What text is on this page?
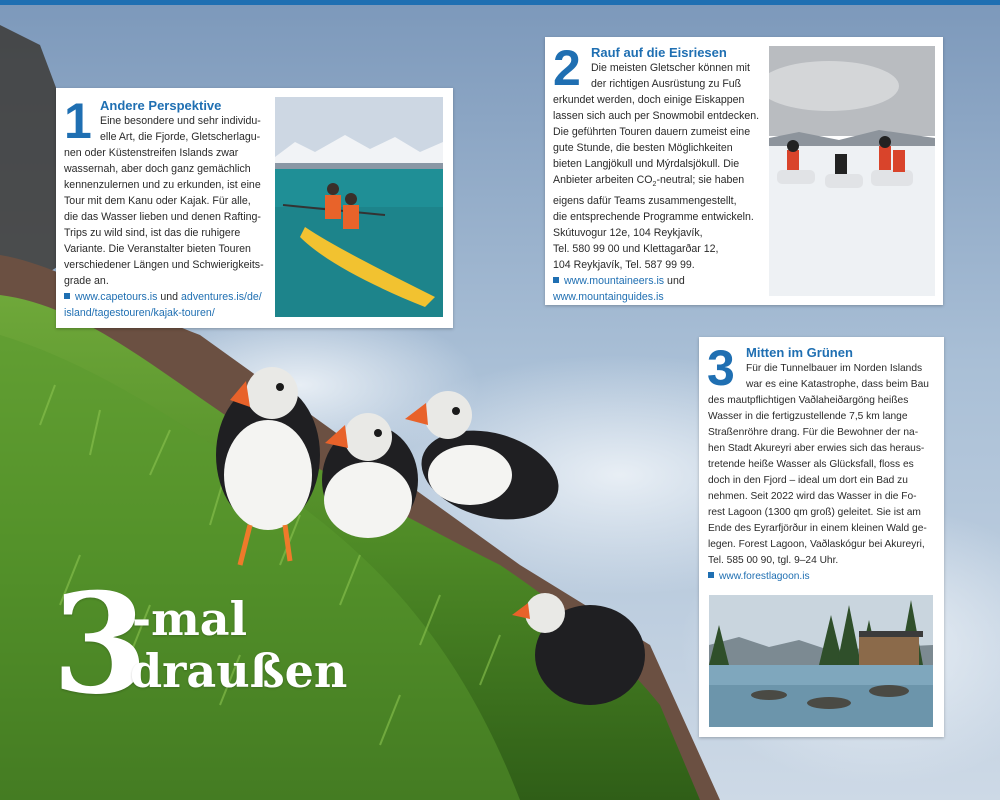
3
-mal
draußen
1 Andere Perspektive
Eine besondere und sehr individu-
elle Art, die Fjorde, Gletscherlagu-
nen oder Küstenstreifen Islands zwar
wassernah, aber doch ganz gemächlich
kennenzulernen und zu erkunden, ist eine
Tour mit dem Kanu oder Kajak. Für alle,
die das Wasser lieben und denen Rafting-
Trips zu wild sind, ist das die ruhigere
Variante. Die Veranstalter bieten Touren
verschiedener Längen und Schwierigkeits-
grade an.
www.capetours.is und adventures.is/de/
island/tagestouren/kajak-touren/
2 Rauf auf die Eisriesen
Die meisten Gletscher können mit
der richtigen Ausrüstung zu Fuß
erkundet werden, doch einige Eiskappen
lassen sich auch per Snowmobil entdecken.
Die geführten Touren dauern zumeist eine
gute Stunde, die besten Möglichkeiten
bieten Langjökull und Mýrdalsjökull. Die
Anbieter arbeiten $CO_2$-neutral; sie haben
eigens dafür Teams zusammengestellt,
die entsprechende Programme entwickeln.
Skútuvogur 12e, 104 Reykjavík,
Tel. 580 99 00 und Klettagarðar 12,
104 Reykjavík, Tel. 587 99 99.
www.mountaineers.is und
www.mountainguides.is
3 Mitten im Grünen
Für die Tunnelbauer im Norden Islands
war es eine Katastrophe, dass beim Bau
des mautpflichtigen Vaðlaheiðargöng heißes
Wasser in die fertigzustellende 7,5 km lange
Straßenröhre drang. Für die Bewohner der na-
hen Stadt Akureyri aber erwies sich das heraus-
tretende heiße Wasser als Glücksfall, floss es
doch in den Fjord – ideal um dort ein Bad zu
nehmen. Seit 2022 wird das Wasser in die Fo-
rest Lagoon (1300 qm groß) geleitet. Sie ist am
Ende des Eyrarfjörður in einem kleinen Wald ge-
legen. Forest Lagoon, Vaðlaskógur bei Akureyri,
Tel. 585 00 90, tgl. 9–24 Uhr.
www.forestlagoon.is
